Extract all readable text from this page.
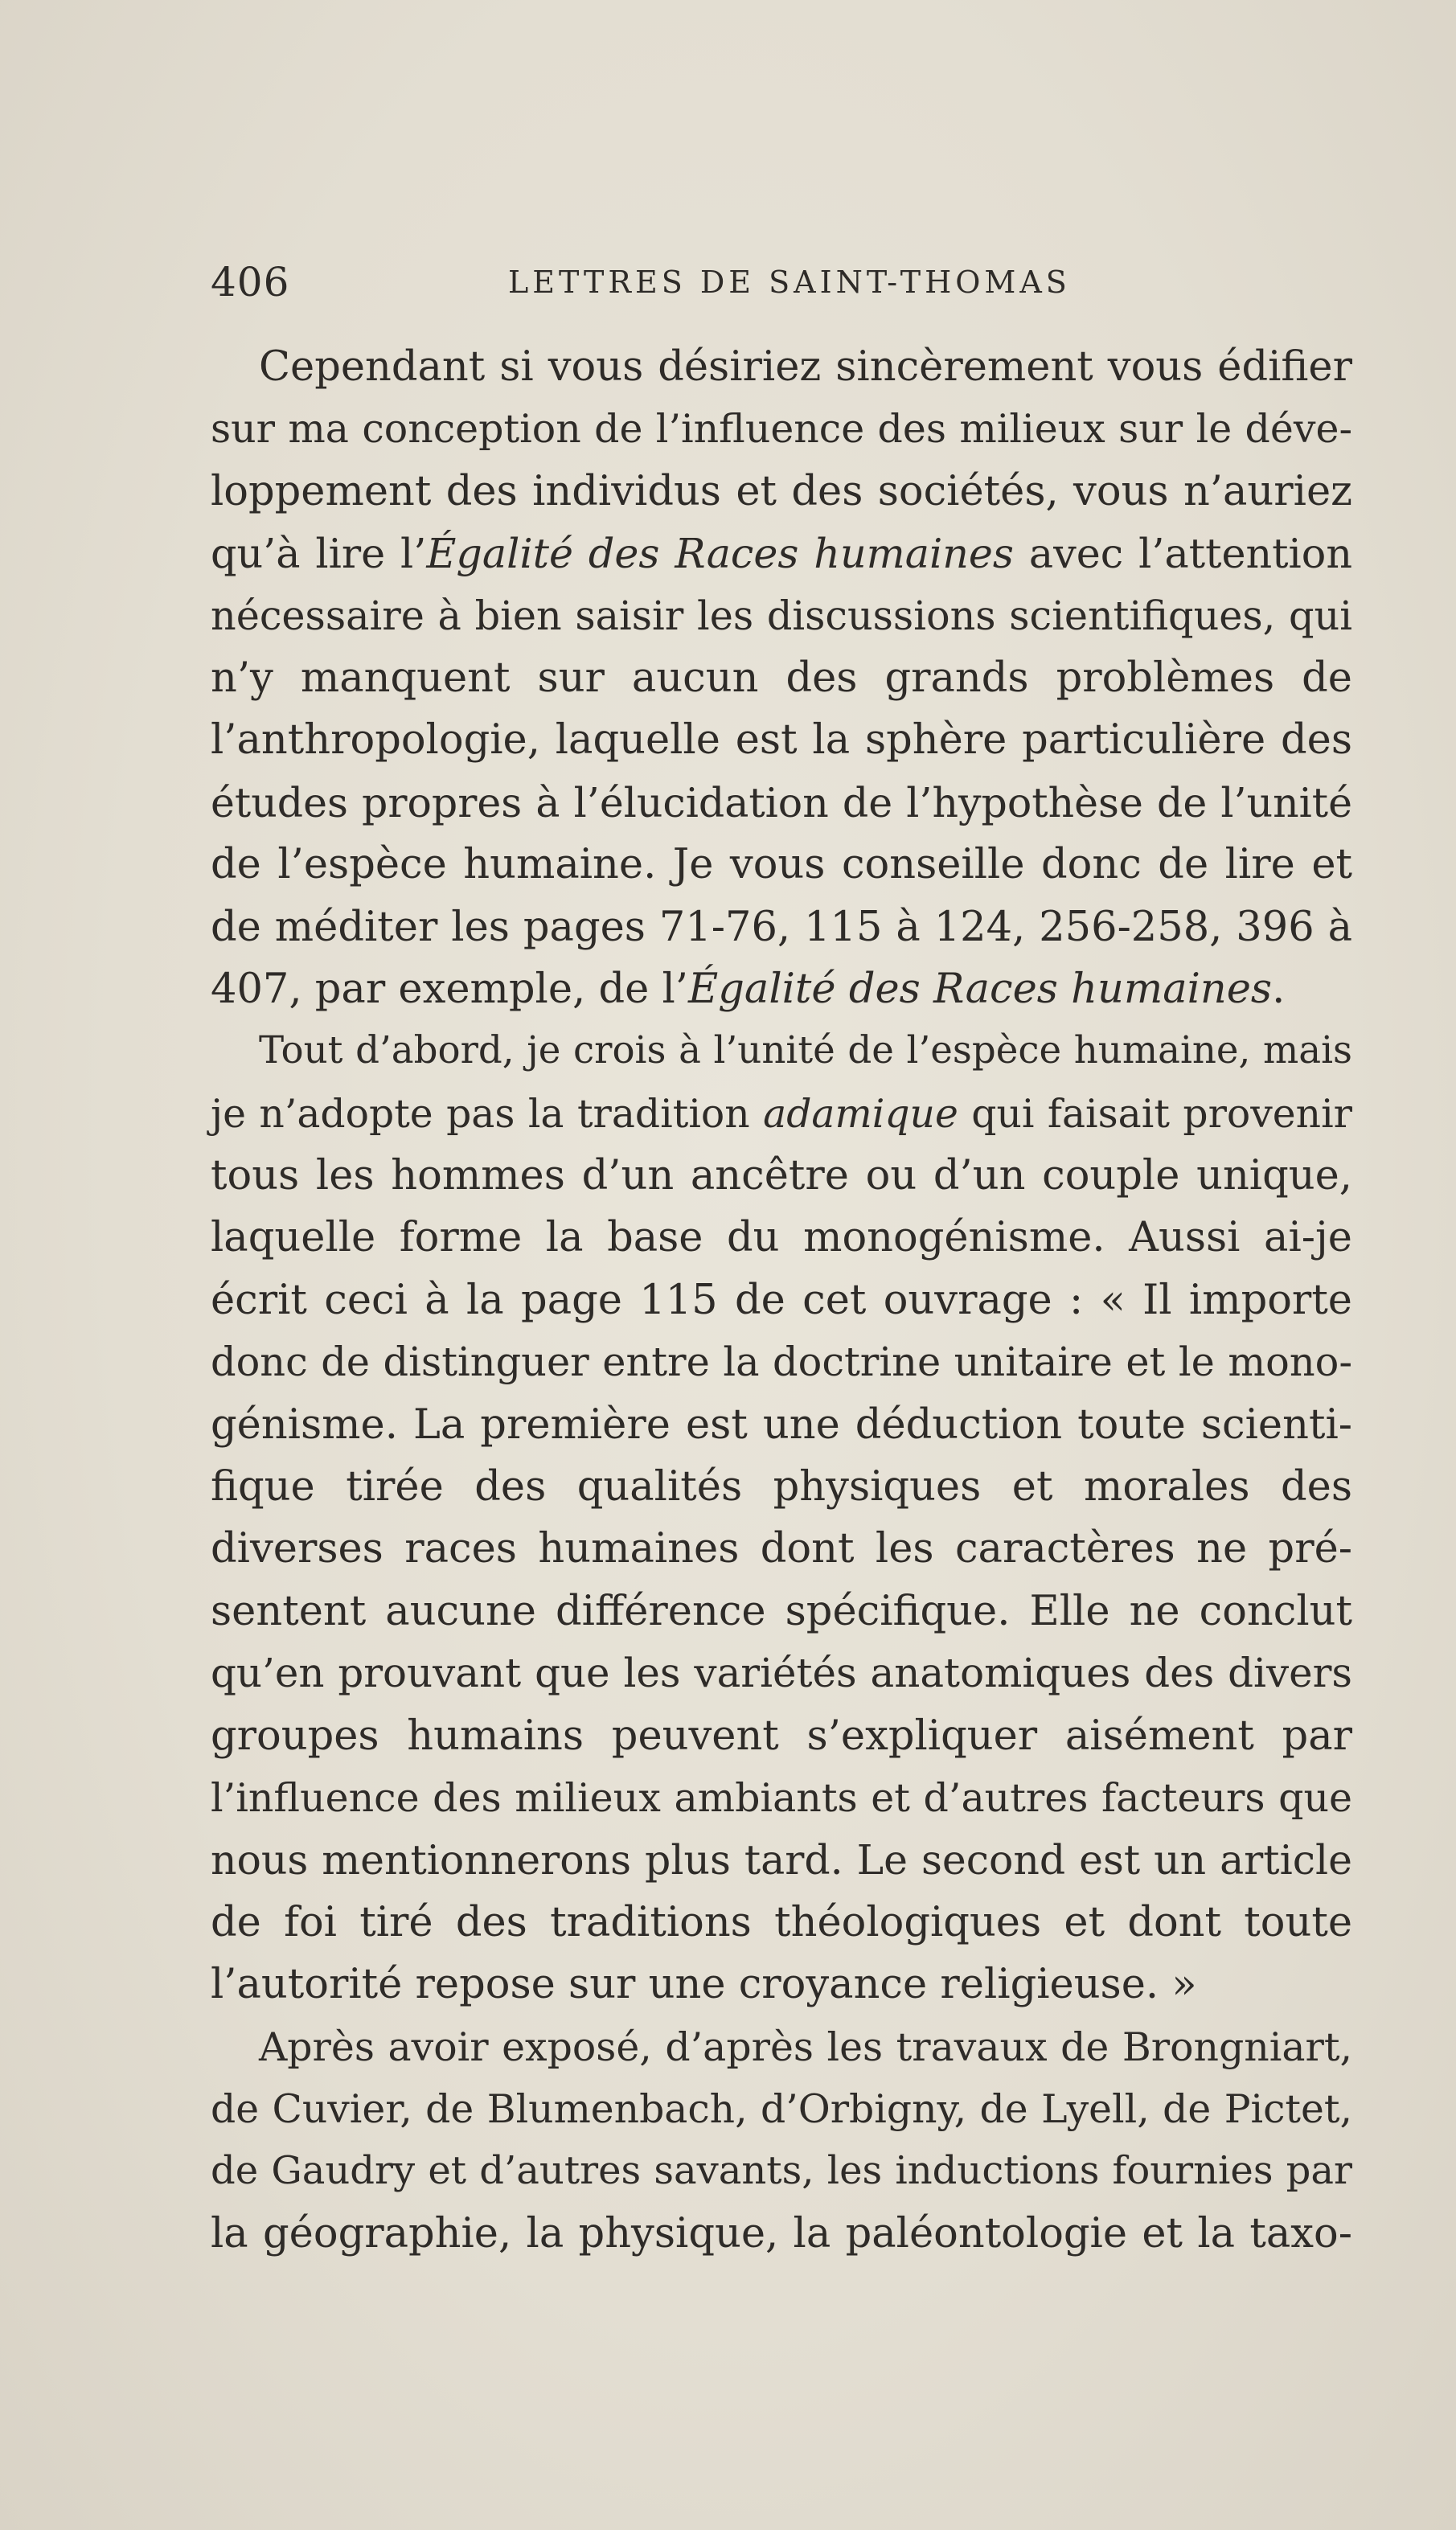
406	LETTRES DE SAINT-THOMAS
Cependant si vous désiriez sincèrement vous édifier
sur ma conception de l’influence des milieux sur le déve-
loppement des individus et des sociétés, vous n’auriez
qu’à lire l’Égalité des Races humaines avec l’attention
nécessaire à bien saisir les discussions scientifiques, qui
n’y manquent sur aucun des grands problèmes de
l’anthropologie, laquelle est la sphère particulière des
études propres à l’élucidation de l’hypothèse de l’unité
de l’espèce humaine. Je vous conseille donc de lire et
de méditer les pages 71-76, 115 à 124, 256-258, 396 à
407, par exemple, de l’Égalité des Races humaines.
Tout d’abord, je crois à l’unité de l’espèce humaine, mais
je n’adopte pas la tradition adamique qui faisait provenir
tous les hommes d’un ancêtre ou d’un couple unique,
laquelle forme la base du monogénisme. Aussi ai-je
écrit ceci à la page 115 de cet ouvrage : « Il importe
donc de distinguer entre la doctrine unitaire et le mono-
génisme. La première est une déduction toute scienti-
fique tirée des qualités physiques et morales des
diverses races humaines dont les caractères ne pré-
sentent aucune différence spécifique. Elle ne conclut
qu’en prouvant que les variétés anatomiques des divers
groupes humains peuvent s’expliquer aisément par
l’influence des milieux ambiants et d’autres facteurs que
nous mentionnerons plus tard. Le second est un article
de foi tiré des traditions théologiques et dont toute
l’autorité repose sur une croyance religieuse. »
Après avoir exposé, d’après les travaux de Brongniart,
de Cuvier, de Blumenbach, d’Orbigny, de Lyell, de Pictet,
de Gaudry et d’autres savants, les inductions fournies par
la géographie, la physique, la paléontologie et la taxo-
